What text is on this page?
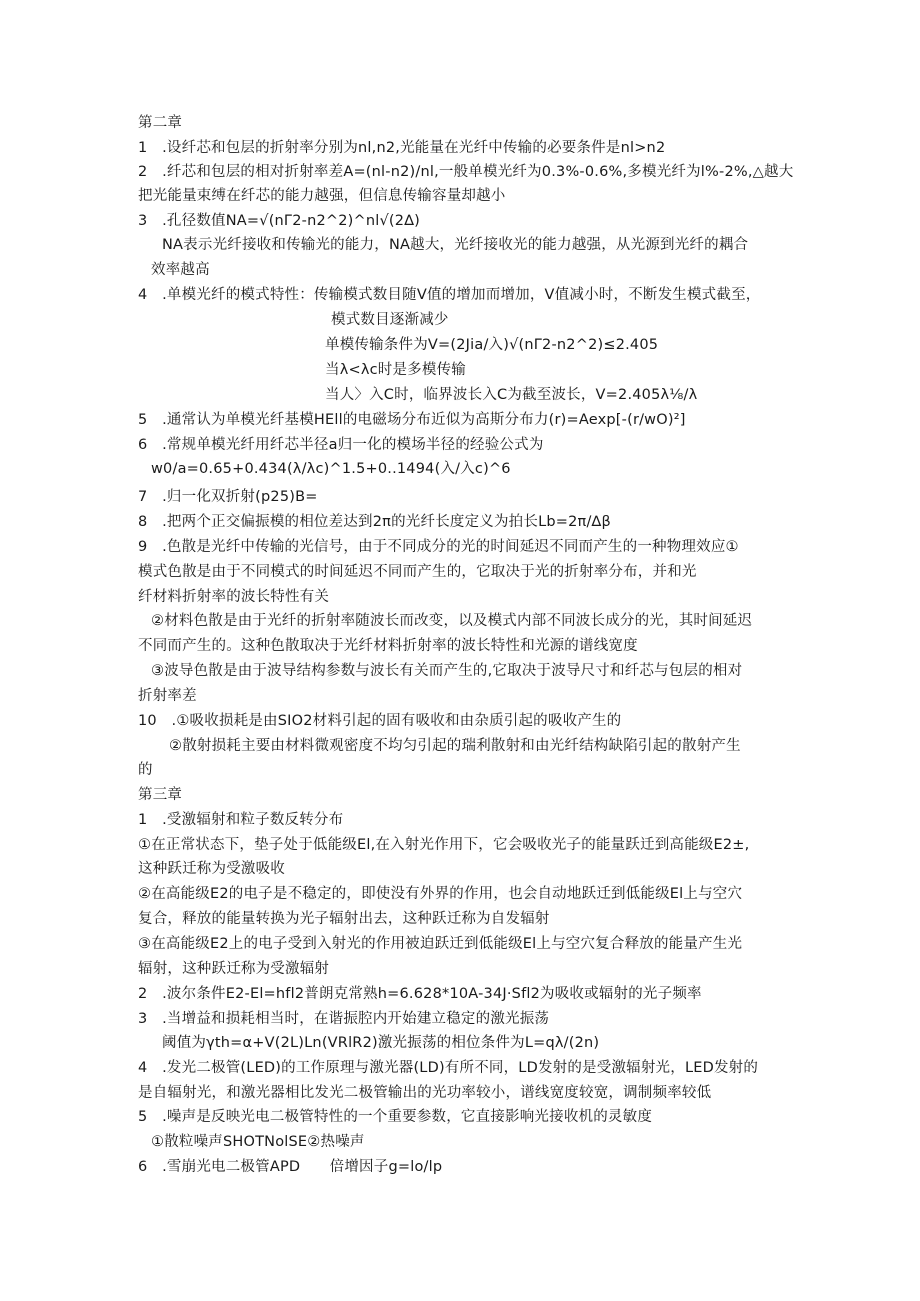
第二章
1　.设纤芯和包层的折射率分别为nl,n2,光能量在光纤中传输的必要条件是nl>n2
2　.纤芯和包层的相对折射率差A=(nl-n2)∕nl,一般单模光纤为0.3%-0.6%,多模光纤为l%-2%,△越大
把光能量束缚在纤芯的能力越强，但信息传输容量却越小
3　.孔径数值NA=√(nΓ2-n2^2)^nl√(2∆)
NA表示光纤接收和传输光的能力，NA越大，光纤接收光的能力越强，从光源到光纤的耦合
效率越高
4　.单模光纤的模式特性：传输模式数目随V值的增加而增加，V值减小时，不断发生模式截至，
模式数目逐渐减少
单模传输条件为V=(2Jia∕入)√(nΓ2-n2^2)≤2.405
当λ<λc时是多模传输
当人〉入C时，临界波长入C为截至波长，V=2.405λ⅛∕λ
5　.通常认为单模光纤基模HEll的电磁场分布近似为高斯分布力(r)=Aexp[-(r∕wO)²]
6　.常规单模光纤用纤芯半径a归一化的模场半径的经验公式为
w0∕a=0.65+0.434(λ∕λc)^1.5+0..1494(入/入c)^6
7　.归一化双折射(p25)B=
8　.把两个正交偏振模的相位差达到2π的光纤长度定义为拍长Lb=2π∕∆β
9　.色散是光纤中传输的光信号，由于不同成分的光的时间延迟不同而产生的一种物理效应①
模式色散是由于不同模式的时间延迟不同而产生的，它取决于光的折射率分布，并和光
纤材料折射率的波长特性有关
②材料色散是由于光纤的折射率随波长而改变，以及模式内部不同波长成分的光，其时间延迟
不同而产生的。这种色散取决于光纤材料折射率的波长特性和光源的谱线宽度
③波导色散是由于波导结构参数与波长有关而产生的,它取决于波导尺寸和纤芯与包层的相对
折射率差
10　.①吸收损耗是由SIO2材料引起的固有吸收和由杂质引起的吸收产生的
②散射损耗主要由材料微观密度不均匀引起的瑞利散射和由光纤结构缺陷引起的散射产生
的
第三章
1　.受激辐射和粒子数反转分布
①在正常状态下，垫子处于低能级El,在入射光作用下，它会吸收光子的能量跃迁到高能级E2±,
这种跃迁称为受激吸收
②在高能级E2的电子是不稳定的，即使没有外界的作用，也会自动地跃迁到低能级El上与空穴
复合，释放的能量转换为光子辐射出去，这种跃迁称为自发辐射
③在高能级E2上的电子受到入射光的作用被迫跃迁到低能级El上与空穴复合释放的能量产生光
辐射，这种跃迁称为受激辐射
2　.波尔条件E2-El=hfl2普朗克常熟h=6.628*10A-34J·Sfl2为吸收或辐射的光子频率
3　.当增益和损耗相当时，在谐振腔内开始建立稳定的激光振荡
阈值为γth=α+V(2L)Ln(VRlR2)激光振荡的相位条件为L=qλ∕(2n)
4　.发光二极管(LED)的工作原理与激光器(LD)有所不同，LD发射的是受激辐射光，LED发射的
是自辐射光，和激光器相比发光二极管输出的光功率较小，谱线宽度较宽，调制频率较低
5　.噪声是反映光电二极管特性的一个重要参数，它直接影响光接收机的灵敏度
①散粒噪声SHOTNolSE②热噪声
6　.雪崩光电二极管APD　　倍增因子g=lo∕lp
